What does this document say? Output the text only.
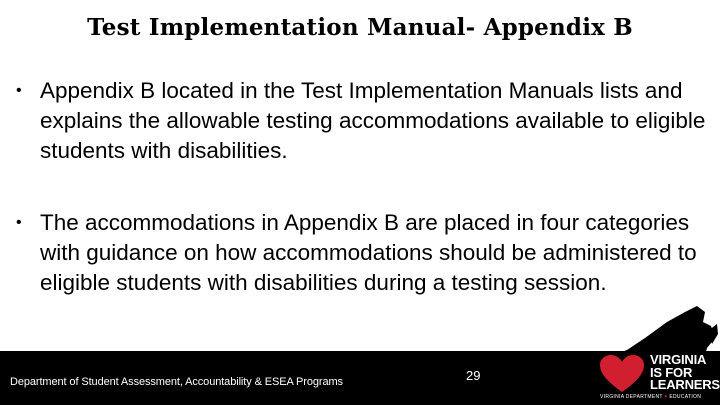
Test Implementation Manual- Appendix B
• Appendix B located in the Test Implementation Manuals lists and explains the allowable testing accommodations available to eligible students with disabilities.
• The accommodations in Appendix B are placed in four categories with guidance on how accommodations should be administered to eligible students with disabilities during a testing session.
Department of Student Assessment, Accountability & ESEA Programs	29
VIRGINIA
IS FOR
LEARNERS
VIRGINIA DEPARTMENT ♥ EDUCATION
